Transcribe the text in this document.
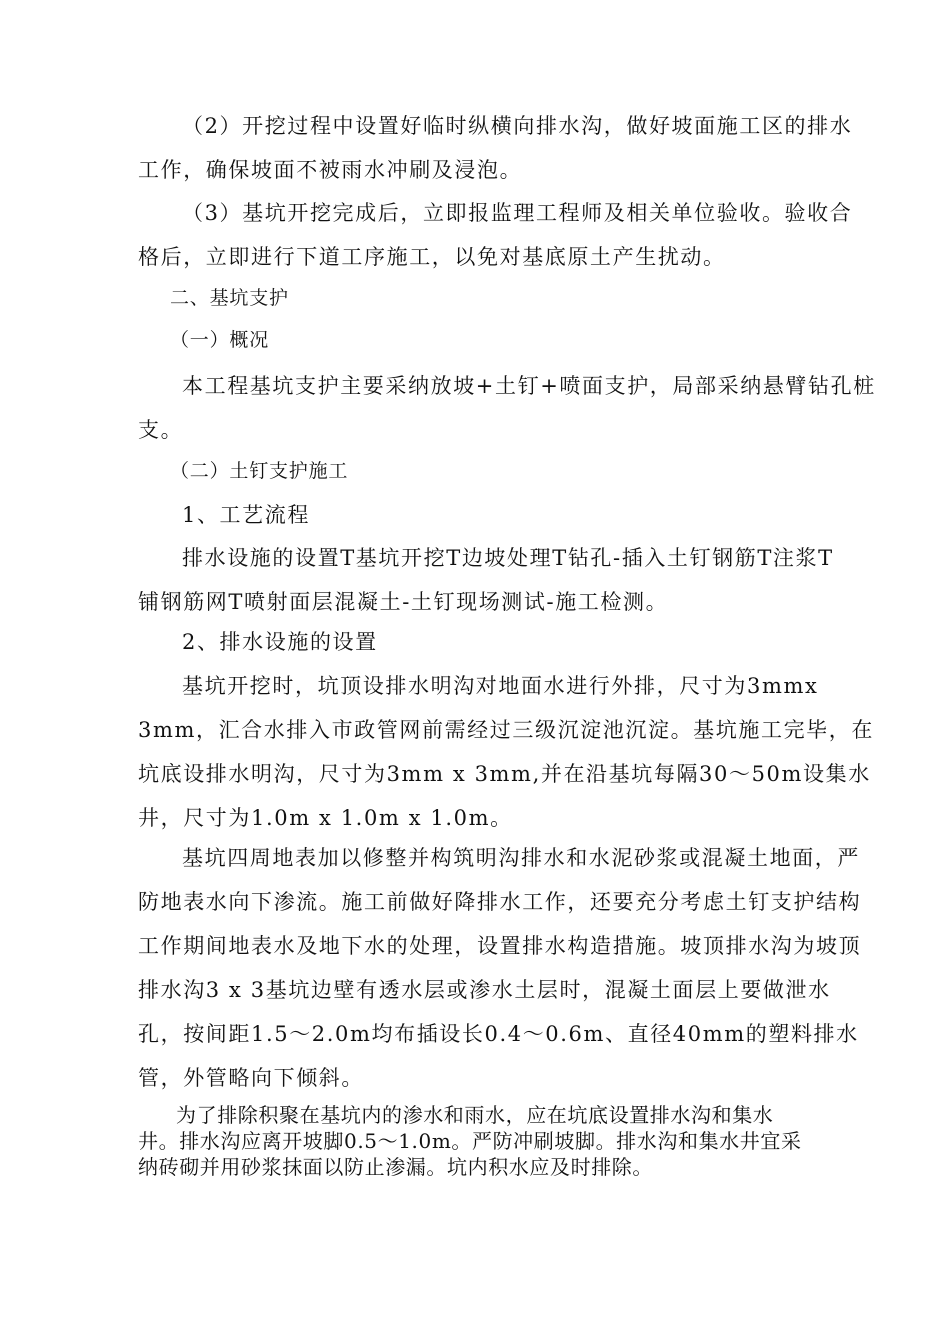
（2）开挖过程中设置好临时纵横向排水沟，做好坡面施工区的排水
工作，确保坡面不被雨水冲刷及浸泡。
（3）基坑开挖完成后，立即报监理工程师及相关单位验收。验收合
格后，立即进行下道工序施工，以免对基底原土产生扰动。
二、基坑支护
（一）概况
本工程基坑支护主要采纳放坡+土钉+喷面支护，局部采纳悬臂钻孔桩
支。
（二）土钉支护施工
1、工艺流程
排水设施的设置T基坑开挖T边坡处理T钻孔-插入土钉钢筋T注浆T
铺钢筋网T喷射面层混凝土-土钉现场测试-施工检测。
2、排水设施的设置
基坑开挖时，坑顶设排水明沟对地面水进行外排，尺寸为3mmx
3mm，汇合水排入市政管网前需经过三级沉淀池沉淀。基坑施工完毕，在
坑底设排水明沟，尺寸为3mm x 3mm,并在沿基坑每隔30〜50m设集水
井，尺寸为1.0m x 1.0m x 1.0m。
基坑四周地表加以修整并构筑明沟排水和水泥砂浆或混凝土地面，严
防地表水向下渗流。施工前做好降排水工作，还要充分考虑土钉支护结构
工作期间地表水及地下水的处理，设置排水构造措施。坡顶排水沟为坡顶
排水沟3 x 3基坑边壁有透水层或渗水土层时，混凝土面层上要做泄水
孔，按间距1.5〜2.0m均布插设长0.4〜0.6m、直径40mm的塑料排水
管，外管略向下倾斜。
为了排除积聚在基坑内的渗水和雨水，应在坑底设置排水沟和集水
井。排水沟应离开坡脚0.5〜1.0m。严防冲刷坡脚。排水沟和集水井宜采
纳砖砌并用砂浆抹面以防止渗漏。坑内积水应及时排除。
